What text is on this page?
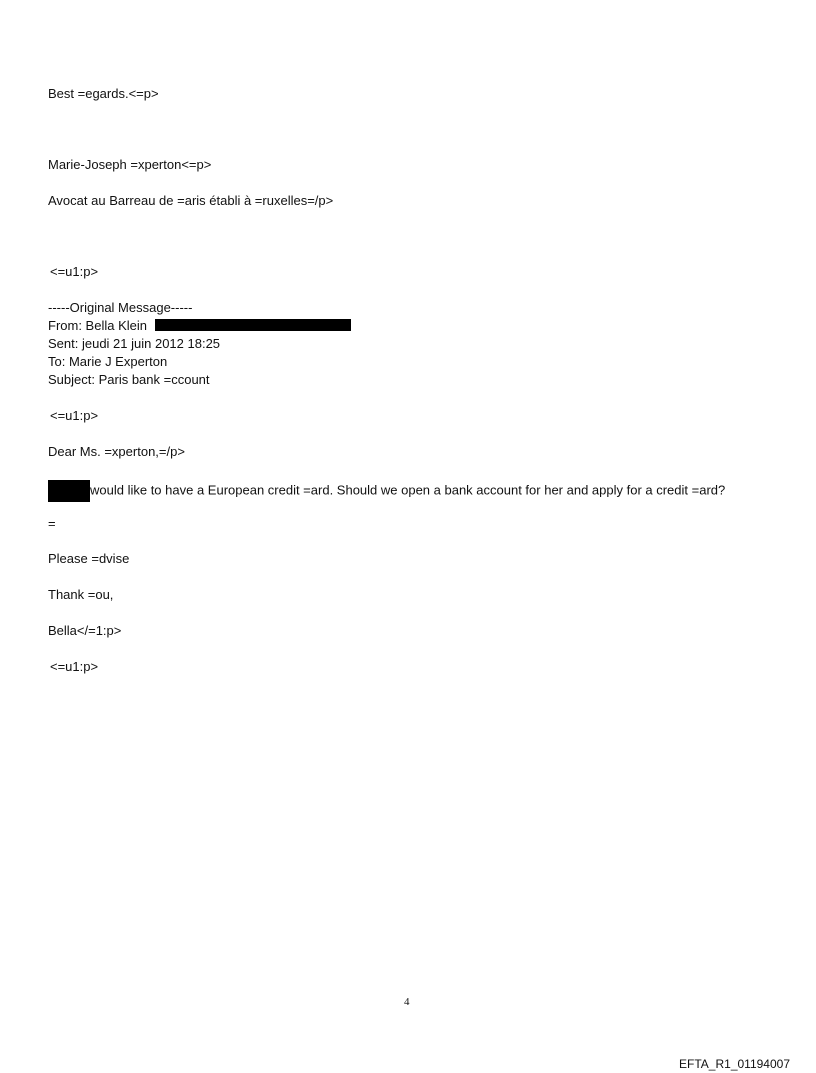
Best =egards.<=p>
Marie-Joseph =xperton<=p>
Avocat au Barreau de =aris établi à =ruxelles=/p>
<=u1:p>
-----Original Message-----
From: Bella Klein
Sent: jeudi 21 juin 2012 18:25
To: Marie J Experton
Subject: Paris bank =ccount
<=u1:p>
Dear Ms. =xperton,=/p>
would like to have a European credit =ard. Should we open a bank account for her and apply for a credit =ard?
=
Please =dvise
Thank =ou,
Bella</=1:p>
<=u1:p>
4
EFTA_R1_01194007
